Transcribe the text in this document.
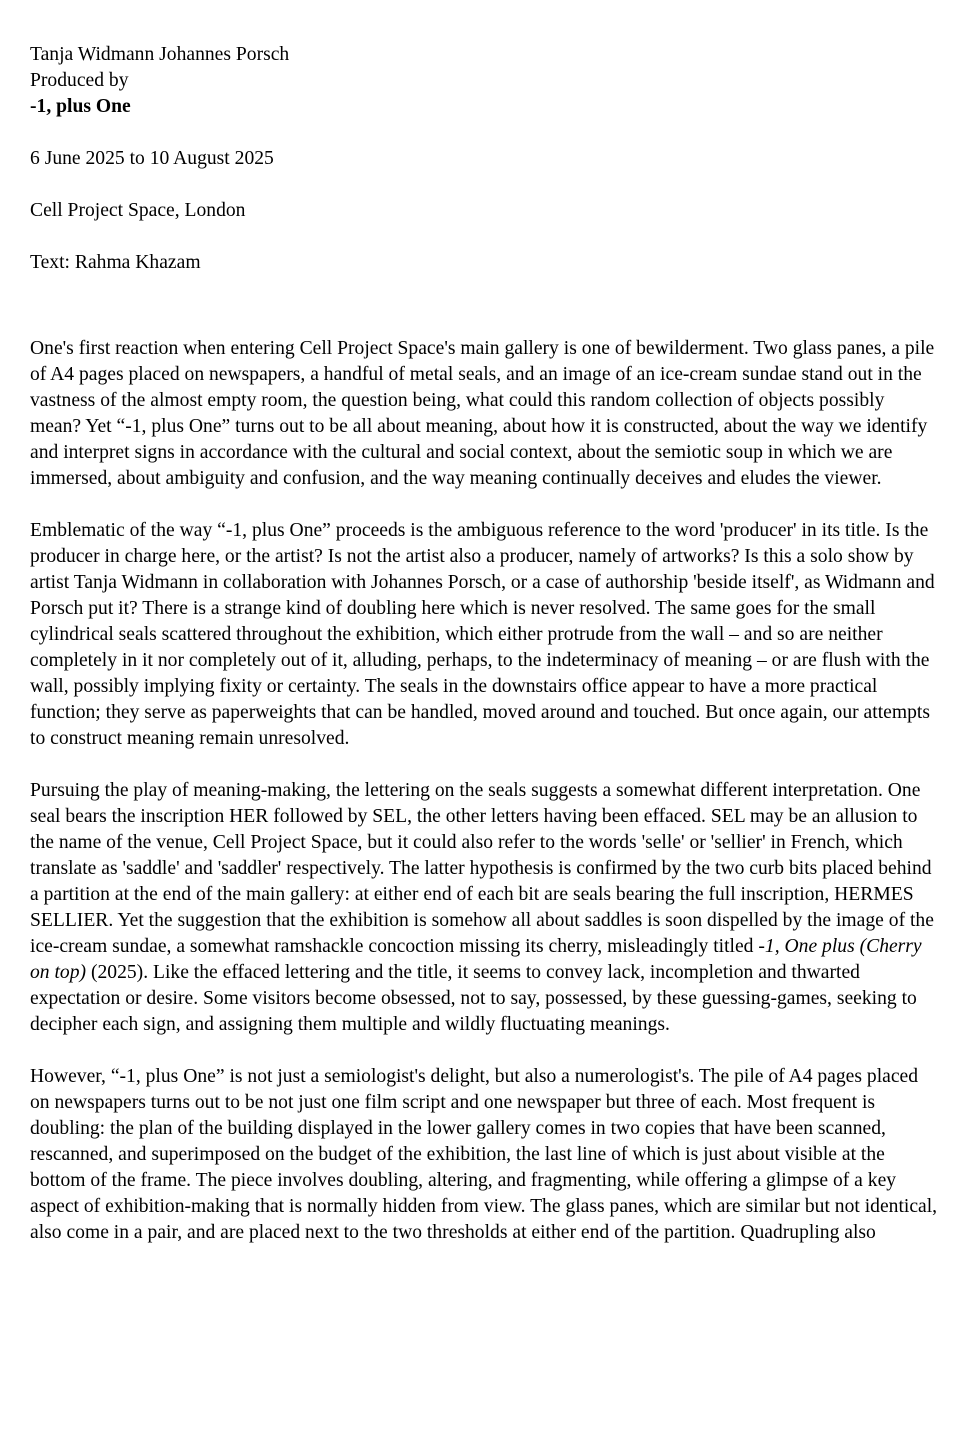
Tanja Widmann Johannes Porsch

Produced by

-1, plus One

6 June 2025 to 10 August 2025

Cell Project Space, London

Text: Rahma Khazam

One's first reaction when entering Cell Project Space's main gallery is one of bewilderment. Two glass panes, a pile of A4 pages placed on newspapers, a handful of metal seals, and an image of an ice-cream sundae stand out in the vastness of the almost empty room, the question being, what could this random collection of objects possibly mean? Yet “-1, plus One” turns out to be all about meaning, about how it is constructed, about the way we identify and interpret signs in accordance with the cultural and social context, about the semiotic soup in which we are immersed, about ambiguity and confusion, and the way meaning continually deceives and eludes the viewer.

Emblematic of the way “-1, plus One” proceeds is the ambiguous reference to the word 'producer' in its title. Is the producer in charge here, or the artist? Is not the artist also a producer, namely of artworks? Is this a solo show by artist Tanja Widmann in collaboration with Johannes Porsch, or a case of authorship 'beside itself', as Widmann and Porsch put it? There is a strange kind of doubling here which is never resolved. The same goes for the small cylindrical seals scattered throughout the exhibition, which either protrude from the wall – and so are neither completely in it nor completely out of it, alluding, perhaps, to the indeterminacy of meaning – or are flush with the wall, possibly implying fixity or certainty. The seals in the downstairs office appear to have a more practical function; they serve as paperweights that can be handled, moved around and touched. But once again, our attempts to construct meaning remain unresolved.

Pursuing the play of meaning-making, the lettering on the seals suggests a somewhat different interpretation. One seal bears the inscription HER followed by SEL, the other letters having been effaced. SEL may be an allusion to the name of the venue, Cell Project Space, but it could also refer to the words 'selle' or 'sellier' in French, which translate as 'saddle' and 'saddler' respectively. The latter hypothesis is confirmed by the two curb bits placed behind a partition at the end of the main gallery: at either end of each bit are seals bearing the full inscription, HERMES SELLIER. Yet the suggestion that the exhibition is somehow all about saddles is soon dispelled by the image of the ice-cream sundae, a somewhat ramshackle concoction missing its cherry, misleadingly titled -1, One plus (Cherry on top) (2025). Like the effaced lettering and the title, it seems to convey lack, incompletion and thwarted expectation or desire. Some visitors become obsessed, not to say, possessed, by these guessing-games, seeking to decipher each sign, and assigning them multiple and wildly fluctuating meanings.

However, “-1, plus One” is not just a semiologist's delight, but also a numerologist's. The pile of A4 pages placed on newspapers turns out to be not just one film script and one newspaper but three of each. Most frequent is doubling: the plan of the building displayed in the lower gallery comes in two copies that have been scanned, rescanned, and superimposed on the budget of the exhibition, the last line of which is just about visible at the bottom of the frame. The piece involves doubling, altering, and fragmenting, while offering a glimpse of a key aspect of exhibition-making that is normally hidden from view. The glass panes, which are similar but not identical, also come in a pair, and are placed next to the two thresholds at either end of the partition. Quadrupling also
